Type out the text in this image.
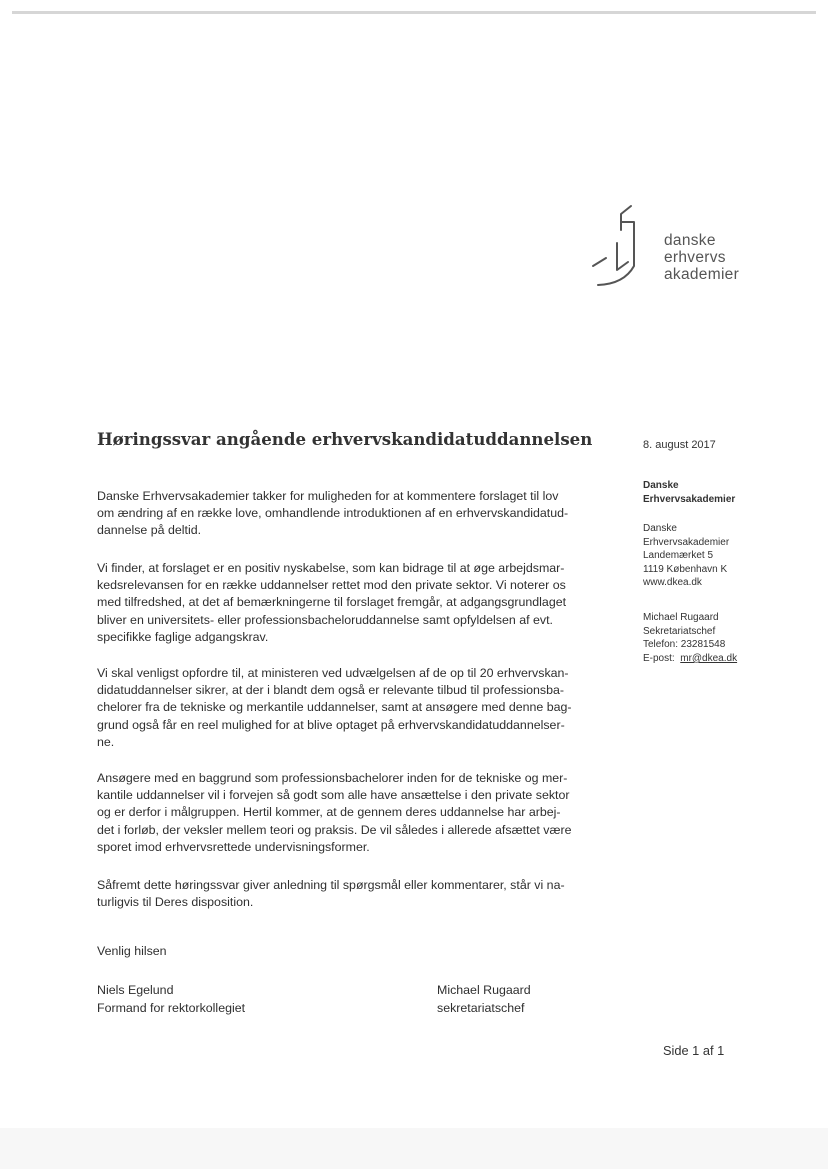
danske
erhvervs
akademier
Høringssvar angående erhvervskandidatuddannelsen	8. august 2017

Danske Erhvervsakademier takker for muligheden for at kommentere forslaget til lov

om ændring af en række love, omhandlende introduktionen af en erhvervskandidatud-

dannelse på deltid.

Vi finder, at forslaget er en positiv nyskabelse, som kan bidrage til at øge arbejdsmar-

kedsrelevansen for en række uddannelser rettet mod den private sektor. Vi noterer os

med tilfredshed, at det af bemærkningerne til forslaget fremgår, at adgangsgrundlaget

bliver en universitets- eller professionsbacheloruddannelse samt opfyldelsen af evt.

specifikke faglige adgangskrav.

Vi skal venligst opfordre til, at ministeren ved udvælgelsen af de op til 20 erhvervskan-

didatuddannelser sikrer, at der i blandt dem også er relevante tilbud til professionsba-

chelorer fra de tekniske og merkantile uddannelser, samt at ansøgere med denne bag-

grund også får en reel mulighed for at blive optaget på erhvervskandidatuddannelser-

ne.

Ansøgere med en baggrund som professionsbachelorer inden for de tekniske og mer-

kantile uddannelser vil i forvejen så godt som alle have ansættelse i den private sektor

og er derfor i målgruppen. Hertil kommer, at de gennem deres uddannelse har arbej-

det i forløb, der veksler mellem teori og praksis. De vil således i allerede afsættet være

sporet imod erhvervsrettede undervisningsformer.

Såfremt dette høringssvar giver anledning til spørgsmål eller kommentarer, står vi na-

turligvis til Deres disposition.

Venlig hilsen
Niels Egelund
Formand for rektorkollegiet
Michael Rugaard
sekretariatschef
Danske
Erhvervsakademier
Danske
Erhvervsakademier
Landemærket 5
1119 København K
www.dkea.dk
Michael Rugaard
Sekretariatschef
Telefon: 23281548
E-post: mr@dkea.dk
Side 1 af 1
